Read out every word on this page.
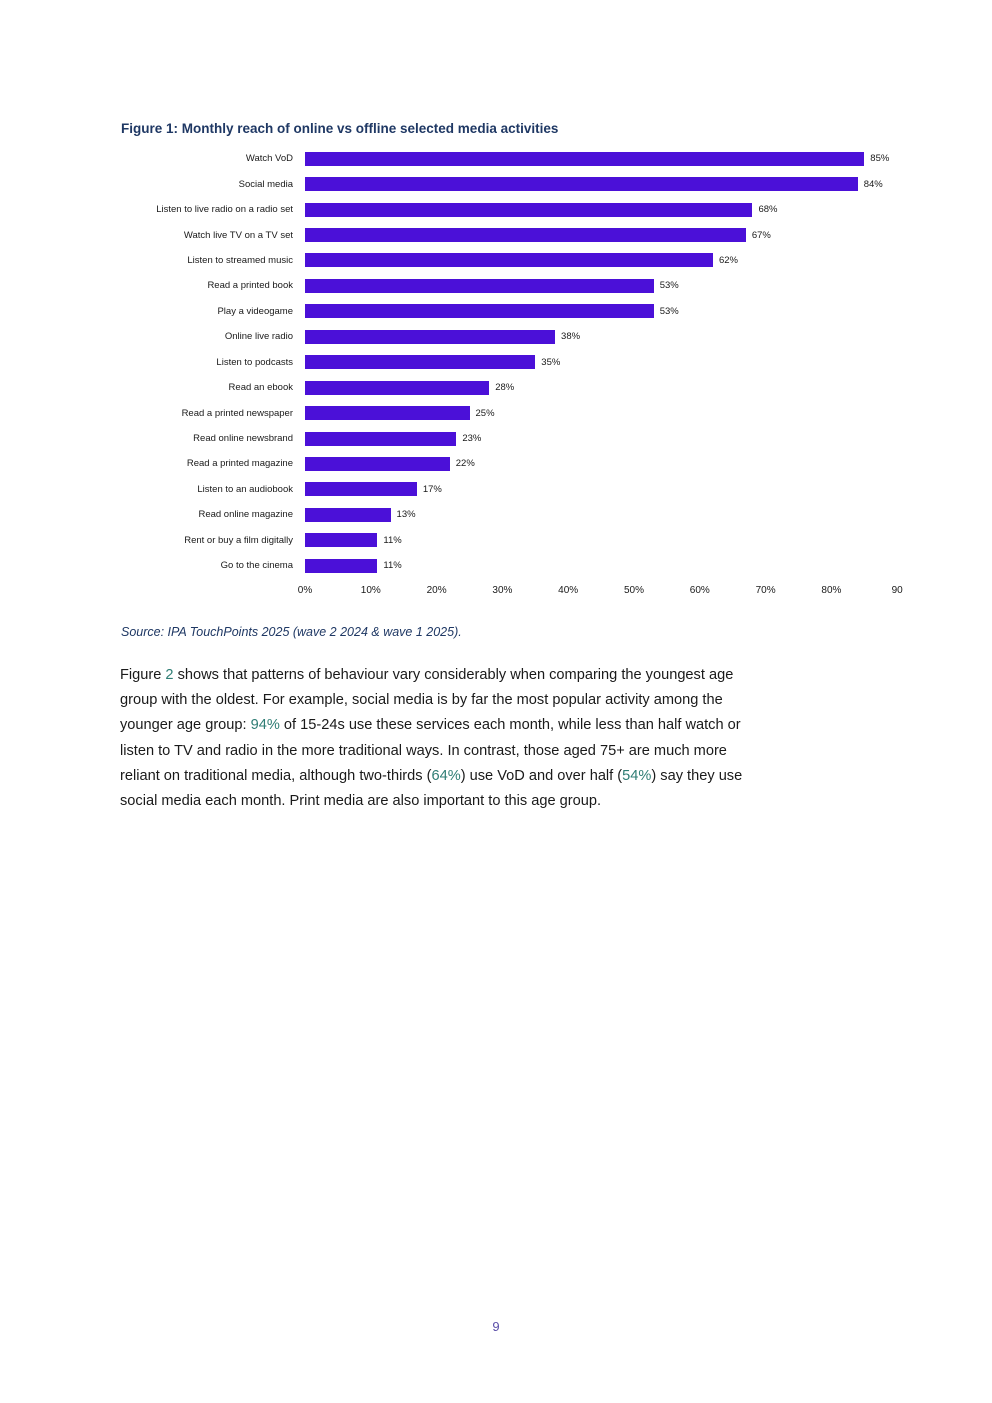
Figure 1: Monthly reach of online vs offline selected media activities
Watch VoD	85%
Social media	84%
Listen to live radio on a radio set	68%
Watch live TV on a TV set	67%
Listen to streamed music	62%
Read a printed book	53%
Play a videogame	53%
Online live radio	38%
Listen to podcasts	35%
Read an ebook	28%
Read a printed newspaper	25%
Read online newsbrand	23%
Read a printed magazine	22%
Listen to an audiobook	17%
Read online magazine	13%
Rent or buy a film digitally	11%
Go to the cinema	11%
0%	10%	20%	30%	40%	50%	60%	70%	80%	90
Source: IPA TouchPoints 2025 (wave 2 2024 & wave 1 2025).
Figure 2 shows that patterns of behaviour vary considerably when comparing the youngest age
group with the oldest. For example, social media is by far the most popular activity among the
younger age group: 94% of 15-24s use these services each month, while less than half watch or
listen to TV and radio in the more traditional ways. In contrast, those aged 75+ are much more
reliant on traditional media, although two-thirds (64%) use VoD and over half (54%) say they use
social media each month. Print media are also important to this age group.
9
